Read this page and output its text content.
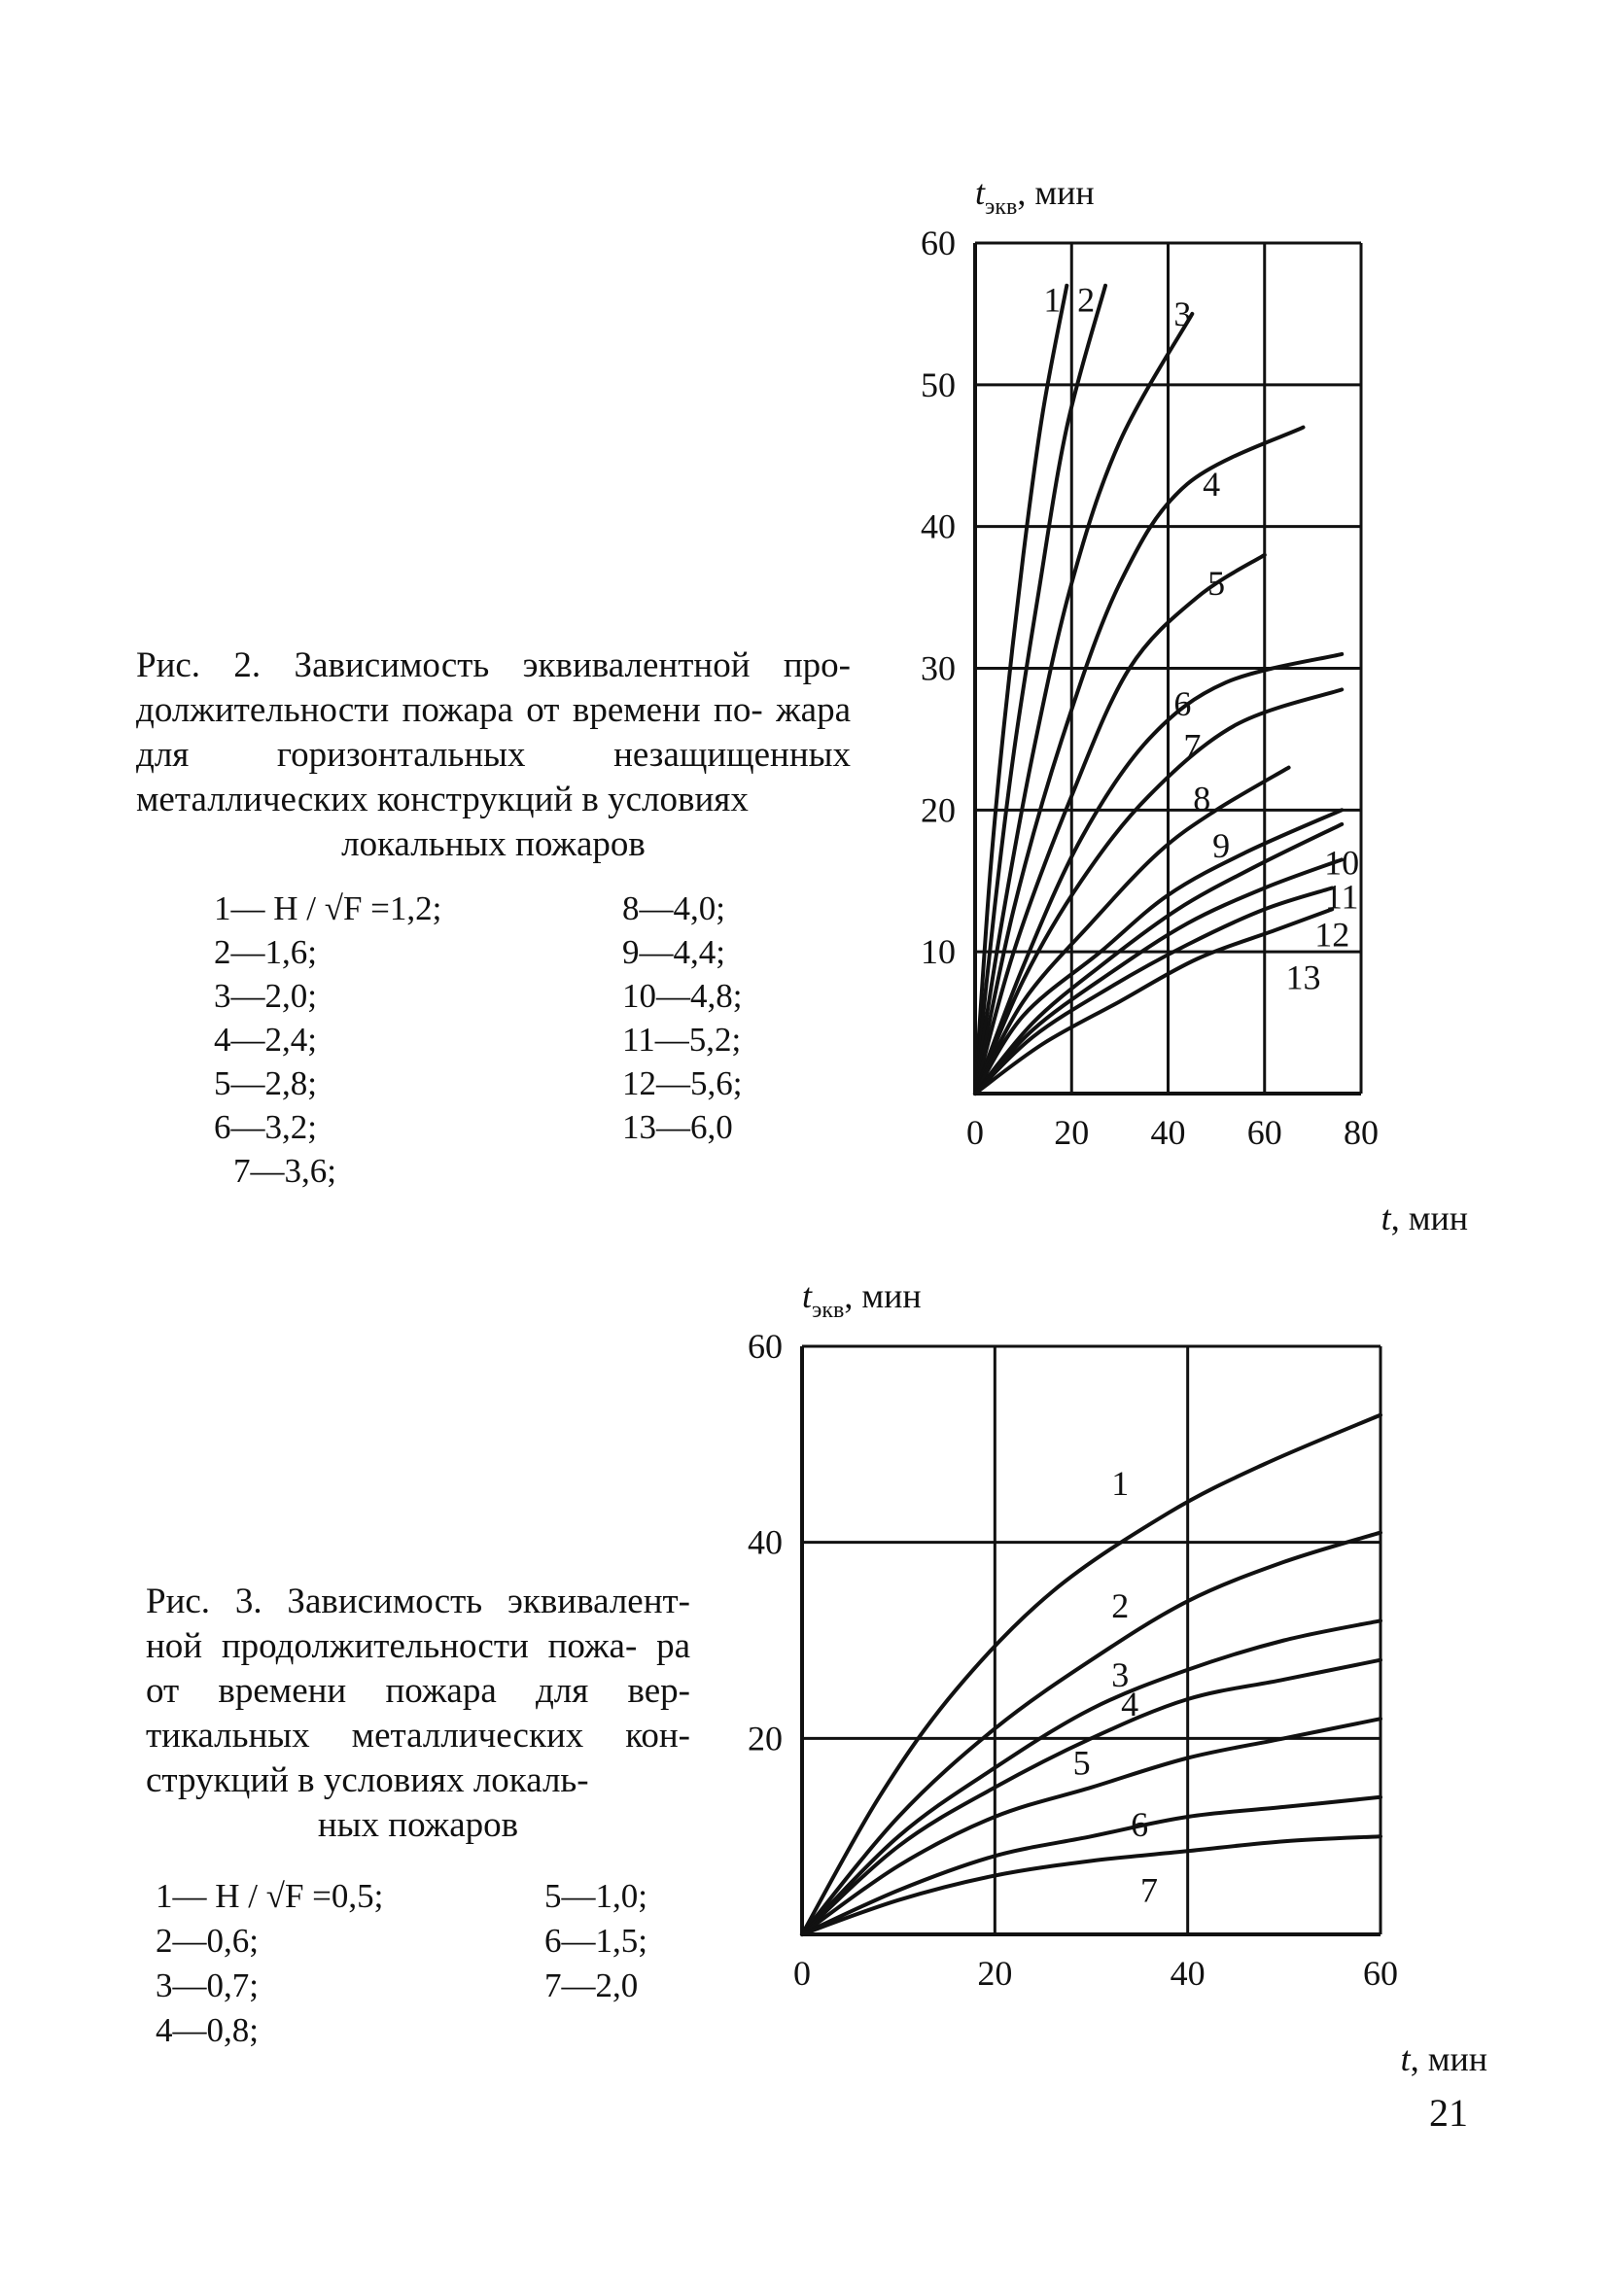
Рис. 2. Зависимость эквивалентной про- должительности пожара от времени по- жара для горизонтальных незащищенных металлических конструкций в условиях
локальных пожаров
1— H / √F =1,2;
2—1,6;
3—2,0;
4—2,4;
5—2,8;
6—3,2;
7—3,6;
8—4,0;
9—4,4;
10—4,8;
11—5,2;
12—5,6;
13—6,0
Рис. 3. Зависимость эквивалент- ной продолжительности пожа- ра от времени пожара для вер- тикальных металлических кон- струкций в условиях локаль-
ных пожаров
1— H / √F =0,5;
2—0,6;
3—0,7;
4—0,8;
5—1,0;
6—1,5;
7—2,0
0 20 40 60 80
10
20
30
40
50
60
$t_{экв}$, мин
t, мин
1 2 3
4
5
6
7
8
9	10
11
12
13
0	20	40	60
20
40
60
$t_{экв}$, мин
t, мин
1
2
3
4
5
6
7
21
